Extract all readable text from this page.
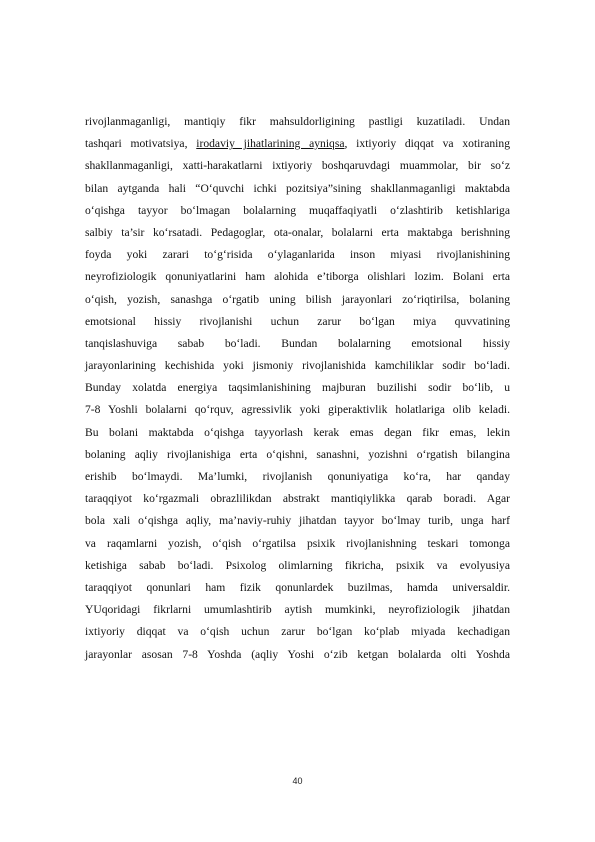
rivojlanmaganligi, mantiqiy fikr mahsuldorligining pastligi kuzatiladi. Undan
tashqari motivatsiya, irodaviy jihatlarining ayniqsa, ixtiyoriy diqqat va xotiraning
shakllanmaganligi, xatti-harakatlarni ixtiyoriy boshqaruvdagi muammolar, bir so‘z
bilan aytganda hali “O‘quvchi ichki pozitsiya”sining shakllanmaganligi maktabda
o‘qishga tayyor bo‘lmagan bolalarning muqaffaqiyatli o‘zlashtirib ketishlariga
salbiy ta’sir ko‘rsatadi. Pedagoglar, ota-onalar, bolalarni erta maktabga berishning
foyda yoki zarari to‘g‘risida o‘ylaganlarida inson miyasi rivojlanishining
neyrofiziologik qonuniyatlarini ham alohida e’tiborga olishlari lozim. Bolani erta
o‘qish, yozish, sanashga o‘rgatib uning bilish jarayonlari zo‘riqtirilsa, bolaning
emotsional hissiy rivojlanishi uchun zarur bo‘lgan miya quvvatining
tanqislashuviga sabab bo‘ladi. Bundan bolalarning emotsional hissiy
jarayonlarining kechishida yoki jismoniy rivojlanishida kamchiliklar sodir bo‘ladi.
Bunday xolatda energiya taqsimlanishining majburan buzilishi sodir bo‘lib, u
7-8 Yoshli bolalarni qo‘rquv, agressivlik yoki giperaktivlik holatlariga olib keladi.
Bu bolani maktabda o‘qishga tayyorlash kerak emas degan fikr emas, lekin
bolaning aqliy rivojlanishiga erta o‘qishni, sanashni, yozishni o‘rgatish bilangina
erishib bo‘lmaydi. Ma’lumki, rivojlanish qonuniyatiga ko‘ra, har qanday
taraqqiyot ko‘rgazmali obrazlilikdan abstrakt mantiqiylikka qarab boradi. Agar
bola xali o‘qishga aqliy, ma’naviy-ruhiy jihatdan tayyor bo‘lmay turib, unga harf
va raqamlarni yozish, o‘qish o‘rgatilsa psixik rivojlanishning teskari tomonga
ketishiga sabab bo‘ladi. Psixolog olimlarning fikricha, psixik va evolyusiya
taraqqiyot qonunlari ham fizik qonunlardek buzilmas, hamda universaldir.
YUqoridagi fikrlarni umumlashtirib aytish mumkinki, neyrofiziologik jihatdan
ixtiyoriy diqqat va o‘qish uchun zarur bo‘lgan ko‘plab miyada kechadigan
jarayonlar asosan 7-8 Yoshda (aqliy Yoshi o‘zib ketgan bolalarda olti Yoshda
40
